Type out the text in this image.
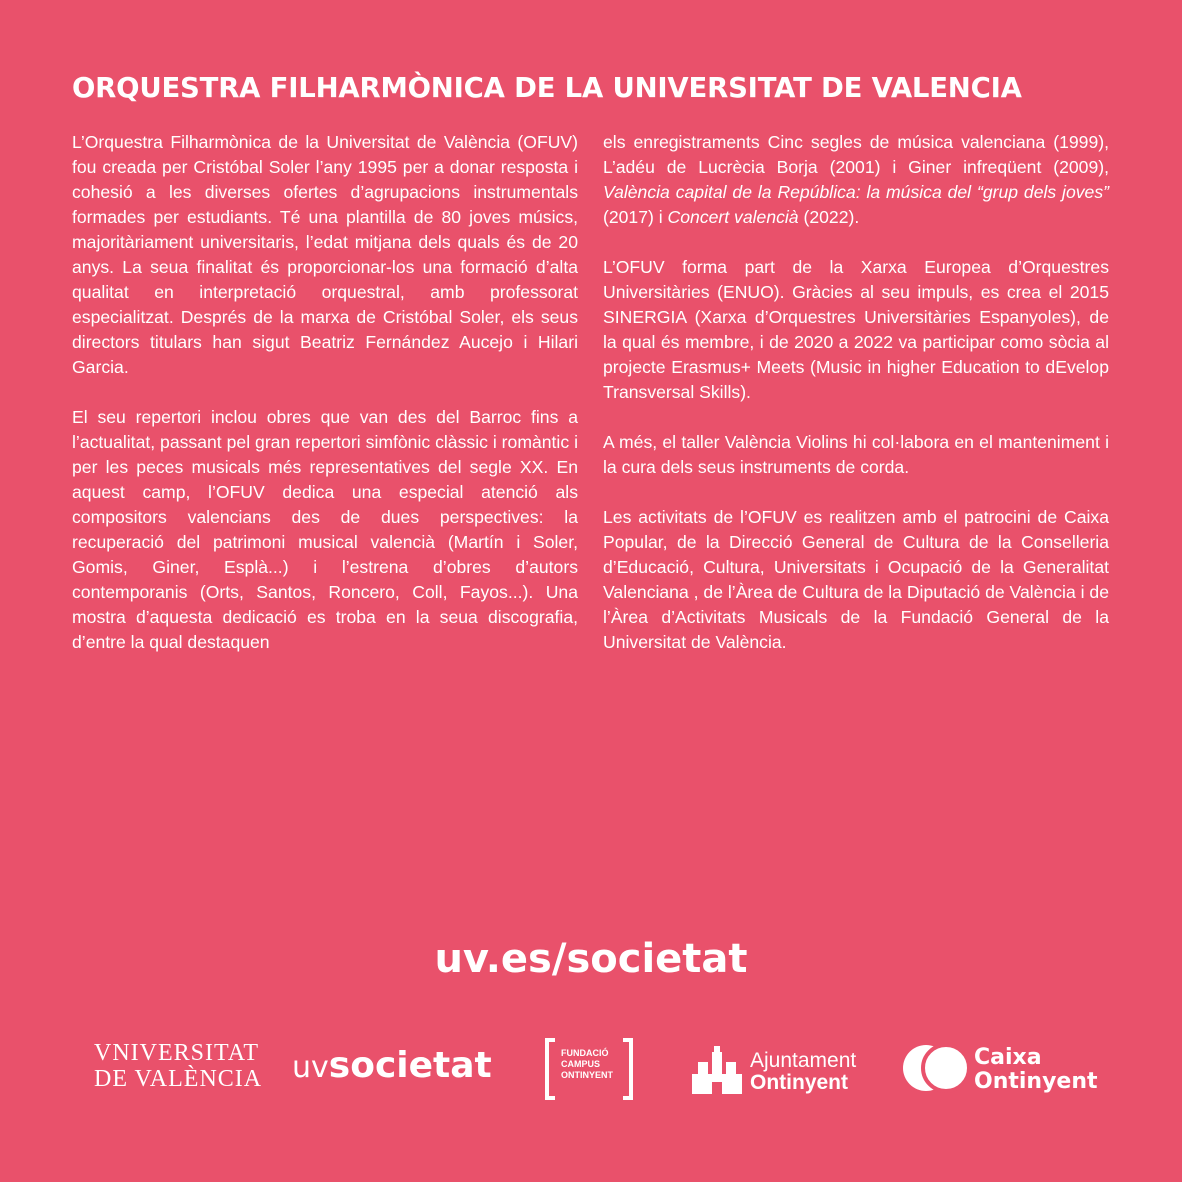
ORQUESTRA FILHARMÒNICA DE LA UNIVERSITAT DE VALENCIA

L’Orquestra Filharmònica de la Universitat de València (OFUV) fou creada per Cristóbal Soler l’any 1995 per a donar resposta i cohesió a les diverses ofertes d’agrupacions instrumentals formades per estudiants. Té una plantilla de 80 joves músics, majoritàriament universitaris, l’edat mitjana dels quals és de 20 anys. La seua finalitat és proporcionar-los una formació d’alta qualitat en interpretació orquestral, amb professorat especialitzat. Després de la marxa de Cristóbal Soler, els seus directors titulars han sigut Beatriz Fernández Aucejo i Hilari Garcia.

El seu repertori inclou obres que van des del Barroc fins a l’actualitat, passant pel gran repertori simfònic clàssic i romàntic i per les peces musicals més representatives del segle XX. En aquest camp, l’OFUV dedica una especial atenció als compositors valencians des de dues perspectives: la recuperació del patrimoni musical valencià (Martín i Soler, Gomis, Giner, Esplà...) i l’estrena d’obres d’autors contemporanis (Orts, Santos, Roncero, Coll, Fayos...). Una mostra d’aquesta dedicació es troba en la seua discografia, d’entre la qual destaquen

els enregistraments Cinc segles de música valenciana (1999), L’adéu de Lucrècia Borja (2001) i Giner infreqüent (2009), València capital de la República: la música del “grup dels joves” (2017) i Concert valencià (2022).

L’OFUV forma part de la Xarxa Europea d’Orquestres Universitàries (ENUO). Gràcies al seu impuls, es crea el 2015 SINERGIA (Xarxa d’Orquestres Universitàries Espanyoles), de la qual és membre, i de 2020 a 2022 va participar como sòcia al projecte Erasmus+ Meets (Music in higher Education to dEvelop Transversal Skills).

A més, el taller València Violins hi col·labora en el manteniment i la cura dels seus instruments de corda.

Les activitats de l’OFUV es realitzen amb el patrocini de Caixa Popular, de la Direcció General de Cultura de la Conselleria d’Educació, Cultura, Universitats i Ocupació de la Generalitat Valenciana , de l’Àrea de Cultura de la Diputació de València i de l’Àrea d’Activitats Musicals de la Fundació General de la Universitat de València.

uv.es/societat
VNIVERSITAT
DE VALÈNCIA uvsocietat	FUNDACIÓ
CAMPUS
ONTINYENT
Ajuntament
Ontinyent
Caixa
Ontinyent
